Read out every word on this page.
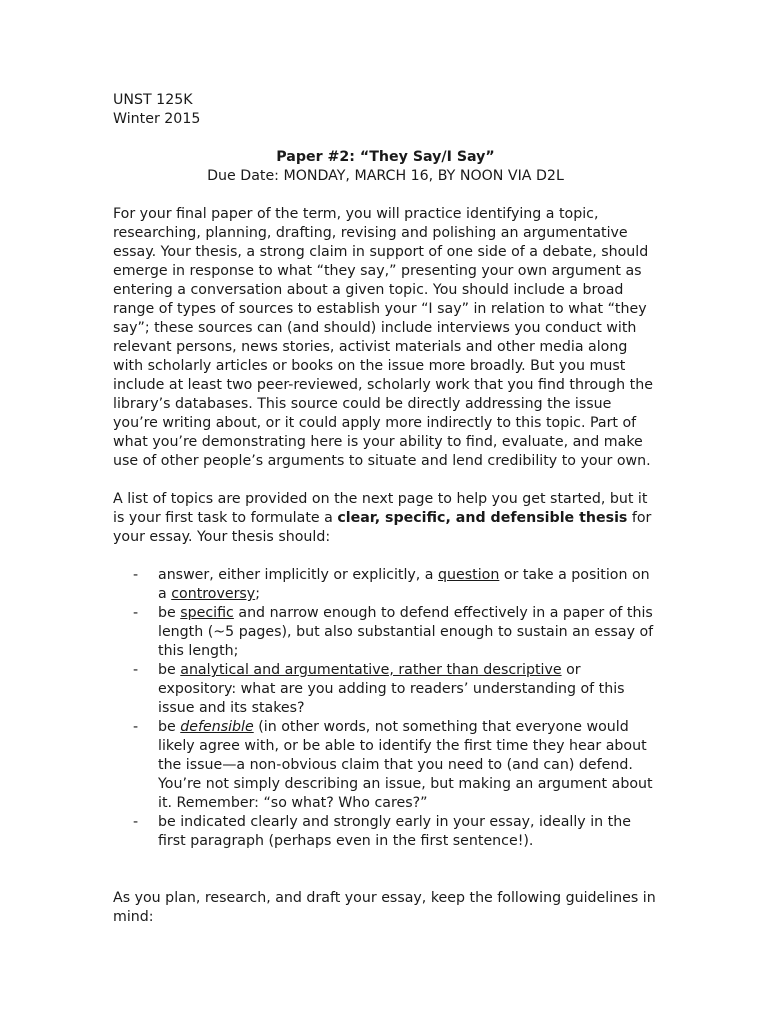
UNST 125K

Winter 2015

Paper #2: “They Say/I Say”

Due Date: MONDAY, MARCH 16, BY NOON VIA D2L

For your final paper of the term, you will practice identifying a topic, researching, planning, drafting, revising and polishing an argumentative essay. Your thesis, a strong claim in support of one side of a debate, should emerge in response to what “they say,” presenting your own argument as entering a conversation about a given topic. You should include a broad range of types of sources to establish your “I say” in relation to what “they say”; these sources can (and should) include interviews you conduct with relevant persons, news stories, activist materials and other media along with scholarly articles or books on the issue more broadly. But you must include at least two peer-reviewed, scholarly work that you find through the library’s databases. This source could be directly addressing the issue you’re writing about, or it could apply more indirectly to this topic. Part of what you’re demonstrating here is your ability to find, evaluate, and make use of other people’s arguments to situate and lend credibility to your own.

A list of topics are provided on the next page to help you get started, but it is your first task to formulate a clear, specific, and defensible thesis for your essay. Your thesis should:

- answer, either implicitly or explicitly, a question or take a position on a controversy;
- be specific and narrow enough to defend effectively in a paper of this length (~5 pages), but also substantial enough to sustain an essay of this length;
- be analytical and argumentative, rather than descriptive or expository: what are you adding to readers’ understanding of this issue and its stakes?
- be defensible (in other words, not something that everyone would likely agree with, or be able to identify the first time they hear about the issue—a non-obvious claim that you need to (and can) defend. You’re not simply describing an issue, but making an argument about it. Remember: “so what? Who cares?”
- be indicated clearly and strongly early in your essay, ideally in the first paragraph (perhaps even in the first sentence!).

As you plan, research, and draft your essay, keep the following guidelines in mind:
